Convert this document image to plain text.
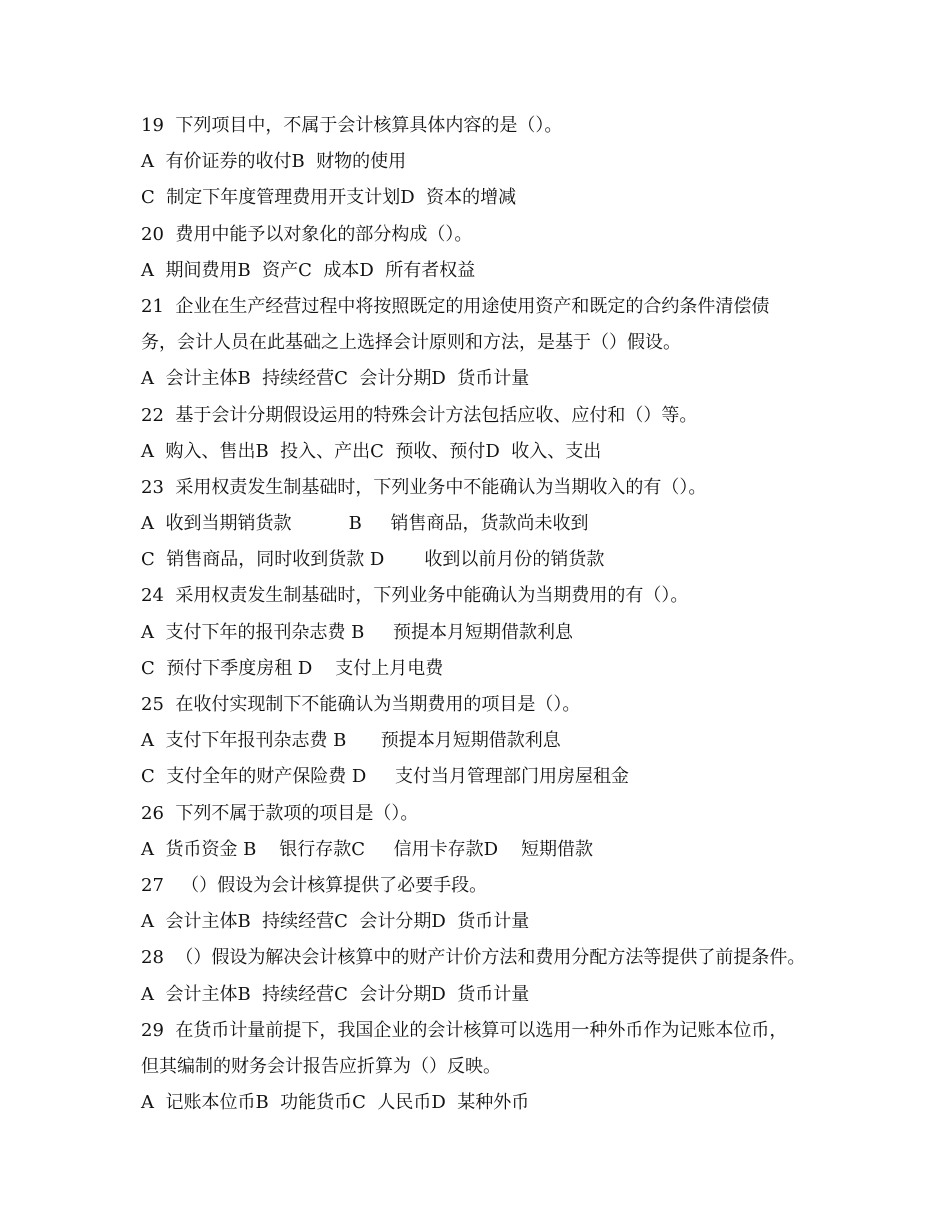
19  下列项目中，不属于会计核算具体内容的是（）。
A  有价证券的收付B  财物的使用
C  制定下年度管理费用开支计划D  资本的增减
20  费用中能予以对象化的部分构成（）。
A  期间费用B  资产C  成本D  所有者权益
21  企业在生产经营过程中将按照既定的用途使用资产和既定的合约条件清偿债
务，会计人员在此基础之上选择会计原则和方法，是基于（）假设。
A  会计主体B  持续经营C  会计分期D  货币计量
22  基于会计分期假设运用的特殊会计方法包括应收、应付和（）等。
A  购入、售出B  投入、产出C  预收、预付D  收入、支出
23  采用权责发生制基础时，下列业务中不能确认为当期收入的有（）。
A  收到当期销货款          B     销售商品，货款尚未收到
C  销售商品，同时收到货款 D       收到以前月份的销货款
24  采用权责发生制基础时，下列业务中能确认为当期费用的有（）。
A  支付下年的报刊杂志费 B     预提本月短期借款利息
C  预付下季度房租 D    支付上月电费
25  在收付实现制下不能确认为当期费用的项目是（）。
A  支付下年报刊杂志费 B      预提本月短期借款利息
C  支付全年的财产保险费 D     支付当月管理部门用房屋租金
26  下列不属于款项的项目是（）。
A  货币资金 B    银行存款C     信用卡存款D    短期借款
27   （）假设为会计核算提供了必要手段。
A  会计主体B  持续经营C  会计分期D  货币计量
28  （）假设为解决会计核算中的财产计价方法和费用分配方法等提供了前提条件。
A  会计主体B  持续经营C  会计分期D  货币计量
29  在货币计量前提下，我国企业的会计核算可以选用一种外币作为记账本位币，
但其编制的财务会计报告应折算为（）反映。
A  记账本位币B  功能货币C  人民币D  某种外币
